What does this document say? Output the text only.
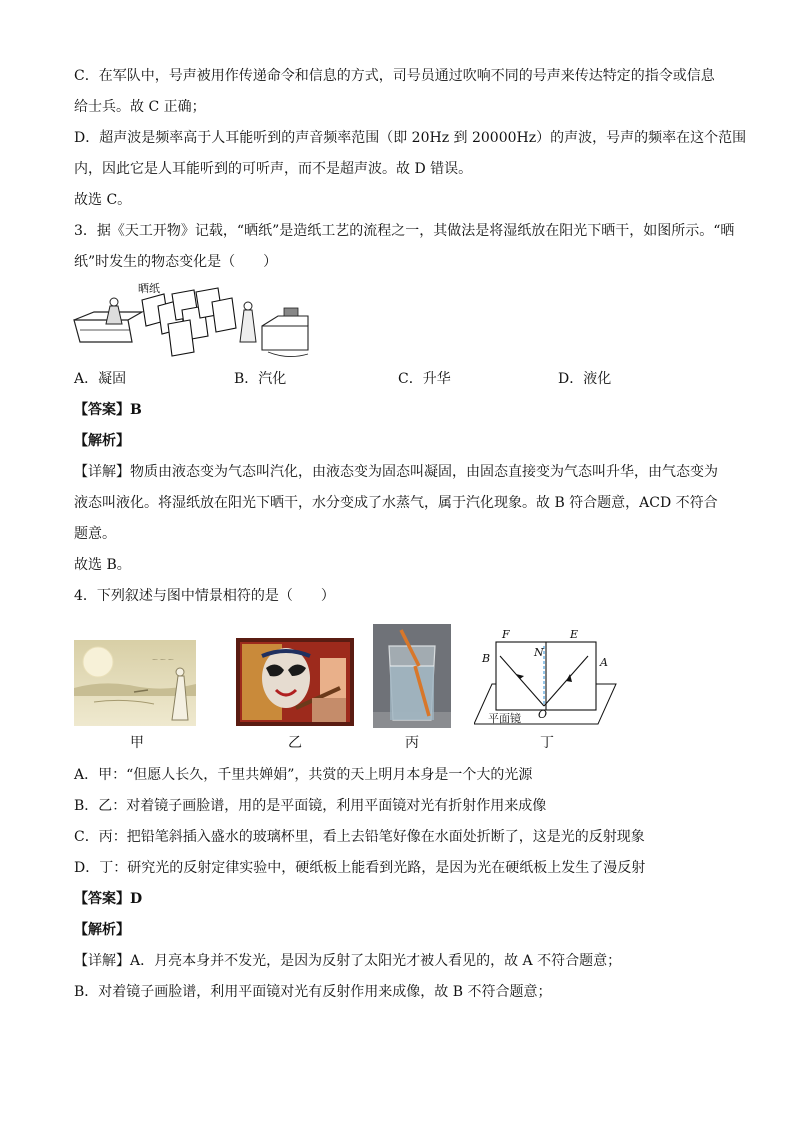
C．在军队中，号声被用作传递命令和信息的方式，司号员通过吹响不同的号声来传达特定的指令或信息
给士兵。故 C 正确；
D．超声波是频率高于人耳能听到的声音频率范围（即 20Hz 到 20000Hz）的声波，号声的频率在这个范围
内，因此它是人耳能听到的可听声，而不是超声波。故 D 错误。
故选 C。
3．据《天工开物》记载，“晒纸”是造纸工艺的流程之一，其做法是将湿纸放在阳光下晒干，如图所示。“晒
纸”时发生的物态变化是（　　）
晒纸
A．凝固	B．汽化	C．升华	D．液化
【答案】B
【解析】
【详解】物质由液态变为气态叫汽化，由液态变为固态叫凝固，由固态直接变为气态叫升华，由气态变为
液态叫液化。将湿纸放在阳光下晒干，水分变成了水蒸气，属于汽化现象。故 B 符合题意，ACD 不符合
题意。
故选 B。
4．下列叙述与图中情景相符的是（　　）
～ ～ ～
甲	乙	丙
F	E
N
B	A
O
平面镜
丁
A．甲：“但愿人长久，千里共婵娟”，共赏的天上明月本身是一个大的光源
B．乙：对着镜子画脸谱，用的是平面镜，利用平面镜对光有折射作用来成像
C．丙：把铅笔斜插入盛水的玻璃杯里，看上去铅笔好像在水面处折断了，这是光的反射现象
D．丁：研究光的反射定律实验中，硬纸板上能看到光路，是因为光在硬纸板上发生了漫反射
【答案】D
【解析】
【详解】A．月亮本身并不发光，是因为反射了太阳光才被人看见的，故 A 不符合题意；
B．对着镜子画脸谱，利用平面镜对光有反射作用来成像，故 B 不符合题意；
